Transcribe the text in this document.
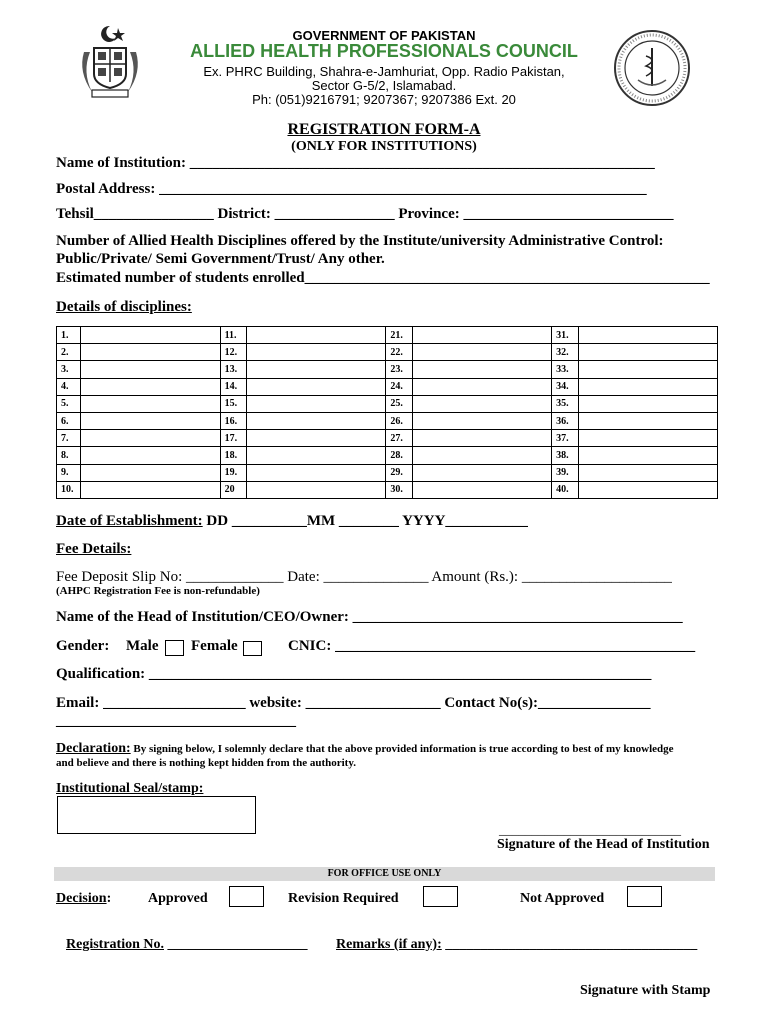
GOVERNMENT OF PAKISTAN
ALLIED HEALTH PROFESSIONALS COUNCIL
Ex. PHRC Building, Shahra-e-Jamhuriat, Opp. Radio Pakistan,
Sector G-5/2, Islamabad.
Ph: (051)9216791; 9207367; 9207386 Ext. 20
REGISTRATION FORM-A
(ONLY FOR INSTITUTIONS)
Name of Institution: ______________________________________________________________
Postal Address: _________________________________________________________________
Tehsil________________ District: ________________ Province: ____________________________
Number of Allied Health Disciplines offered by the Institute/university Administrative Control:
Public/Private/ Semi Government/Trust/ Any other.
Estimated number of students enrolled______________________________________________________
Details of disciplines:
1.		11.		21.		31.	
2.		12.		22.		32.	
3.		13.		23.		33.	
4.		14.		24.		34.	
5.		15.		25.		35.	
6.		16.		26.		36.	
7.		17.		27.		37.	
8.		18.		28.		38.	
9.		19.		29.		39.	
10.		20		30.		40.	
Date of Establishment: DD __________MM ________ YYYY___________
Fee Details:
Fee Deposit Slip No: _____________ Date: ______________ Amount (Rs.): ____________________
(AHPC Registration Fee is non-refundable)
Name of the Head of Institution/CEO/Owner: ____________________________________________
Gender: Male Female	CNIC: ________________________________________________
Qualification: ___________________________________________________________________
Email: ___________________ website: __________________ Contact No(s):_______________
________________________________
Declaration: By signing below, I solemnly declare that the above provided information is true according to best of my knowledge
and believe and there is nothing kept hidden from the authority.
Institutional Seal/stamp:
____________________________
Signature of the Head of Institution
FOR OFFICE USE ONLY
Decision:	Approved	Revision Required	Not Approved
Registration No. ____________________ Remarks (if any): ____________________________________
Signature with Stamp
